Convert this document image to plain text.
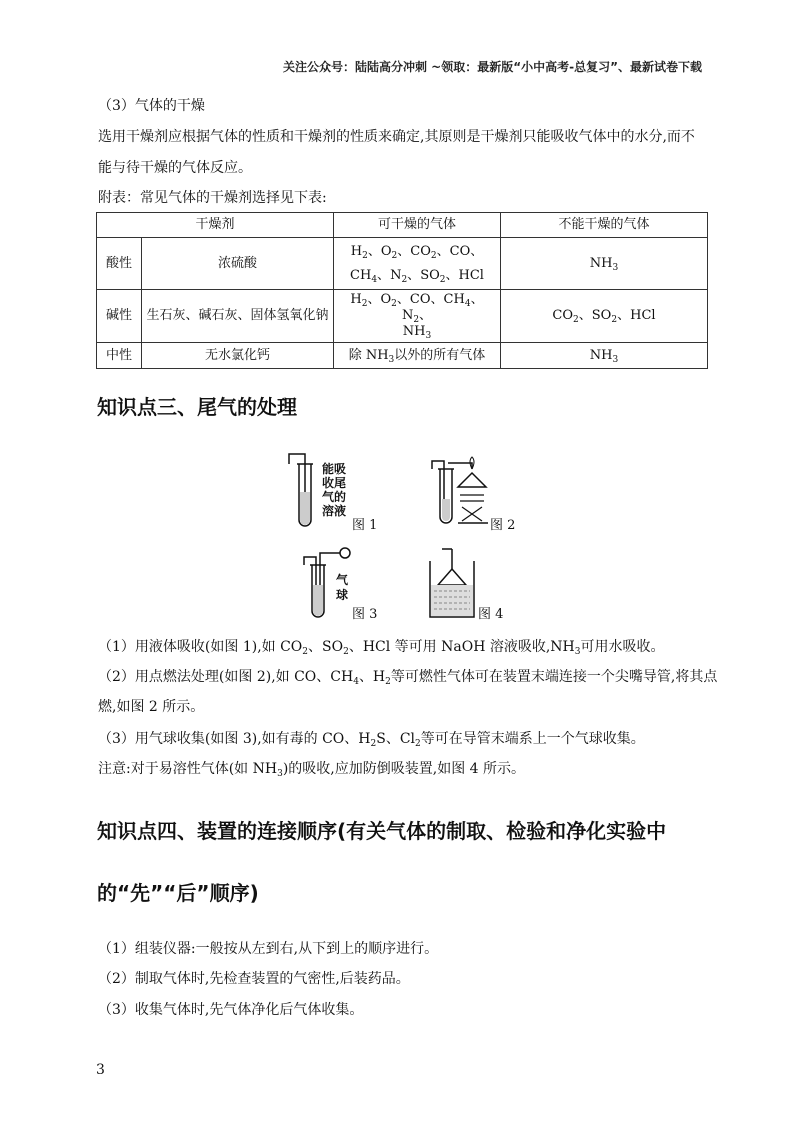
关注公众号：陆陆高分冲刺 ~领取：最新版“小中高考-总复习”、最新试卷下载
（3）气体的干燥
选用干燥剂应根据气体的性质和干燥剂的性质来确定,其原则是干燥剂只能吸收气体中的水分,而不
能与待干燥的气体反应。
附表：常见气体的干燥剂选择见下表:
干燥剂		可干燥的气体	不能干燥的气体
酸性	浓硫酸	$H_2$、$O_2$、$CO_2$、CO、
$CH_4$、$N_2$、$SO_2$、HCl	$NH_3$
碱性	生石灰、碱石灰、固体氢氧化钠	$H_2$、$O_2$、CO、$CH_4$、$N_2$、
$NH_3$	$CO_2$、$SO_2$、HCl
中性	无水氯化钙	除 $NH_3$以外的所有气体	$NH_3$
知识点三、尾气的处理
能吸
收尾
气的
溶液
图 1	图 2
气
球
图 3	图 4
（1）用液体吸收(如图 1),如 $CO_2$、$SO_2$、HCl 等可用 NaOH 溶液吸收$,NH_3$可用水吸收。
（2）用点燃法处理(如图 2),如 CO、$CH_4$、$H_2$等可燃性气体可在装置末端连接一个尖嘴导管,将其点
燃,如图 2 所示。
（3）用气球收集(如图 3),如有毒的 CO、$H_2S$、$Cl_2$等可在导管末端系上一个气球收集。
注意:对于易溶性气体(如 $NH_3$)的吸收,应加防倒吸装置,如图 4 所示。
知识点四、装置的连接顺序(有关气体的制取、检验和净化实验中
的“先”“后”顺序)
（1）组装仪器:一般按从左到右,从下到上的顺序进行。
（2）制取气体时,先检查装置的气密性,后装药品。
（3）收集气体时,先气体净化后气体收集。
3
